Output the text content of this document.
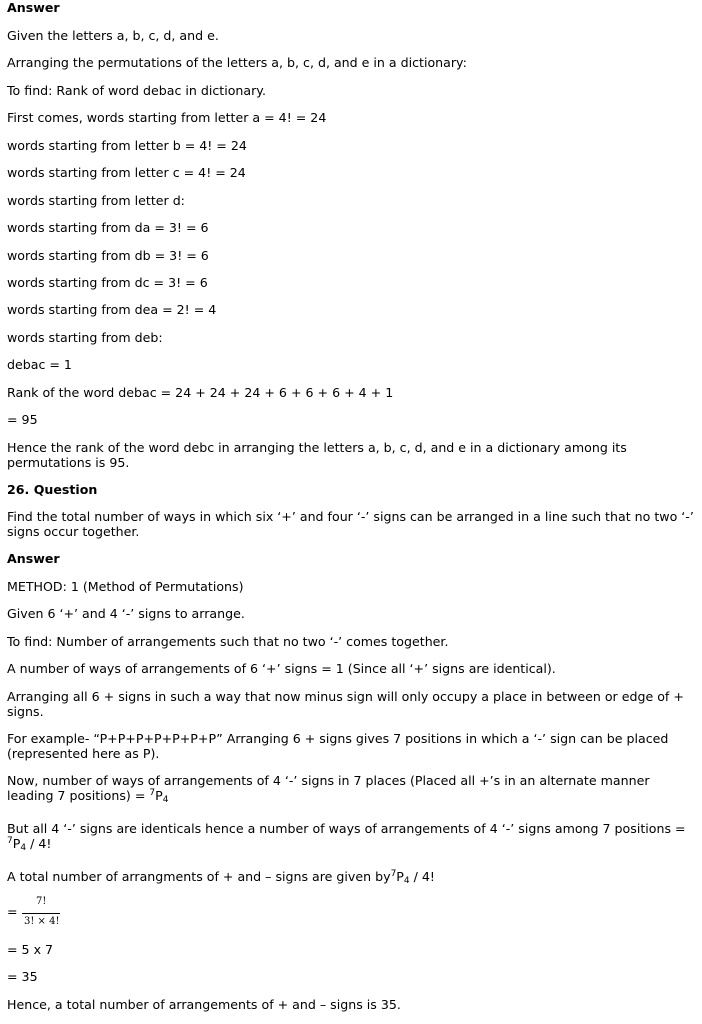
Answer
Given the letters a, b, c, d, and e.
Arranging the permutations of the letters a, b, c, d, and e in a dictionary:
To find: Rank of word debac in dictionary.
First comes, words starting from letter a = 4! = 24
words starting from letter b = 4! = 24
words starting from letter c = 4! = 24
words starting from letter d:
words starting from da = 3! = 6
words starting from db = 3! = 6
words starting from dc = 3! = 6
words starting from dea = 2! = 4
words starting from deb:
debac = 1
Rank of the word debac = 24 + 24 + 24 + 6 + 6 + 6 + 4 + 1
= 95
Hence the rank of the word debc in arranging the letters a, b, c, d, and e in a dictionary among its permutations is 95.
26. Question
Find the total number of ways in which six ‘+’ and four ‘-’ signs can be arranged in a line such that no two ‘-’ signs occur together.
Answer
METHOD: 1 (Method of Permutations)
Given 6 ‘+’ and 4 ‘-’ signs to arrange.
To find: Number of arrangements such that no two ‘-’ comes together.
A number of ways of arrangements of 6 ‘+’ signs = 1 (Since all ‘+’ signs are identical).
Arranging all 6 + signs in such a way that now minus sign will only occupy a place in between or edge of + signs.
For example- “P+P+P+P+P+P+P” Arranging 6 + signs gives 7 positions in which a ‘-’ sign can be placed (represented here as P).
Now, number of ways of arrangements of 4 ‘-’ signs in 7 places (Placed all +’s in an alternate manner leading 7 positions) = $^7P_4$
But all 4 ‘-’ signs are identicals hence a number of ways of arrangements of 4 ‘-’ signs among 7 positions = $^7P_4 / 4$!
A total number of arrangments of + and – signs are given $by^7P_4 / 4$!
=
7!
3! × 4!
= 5 x 7
= 35
Hence, a total number of arrangements of + and – signs is 35.
